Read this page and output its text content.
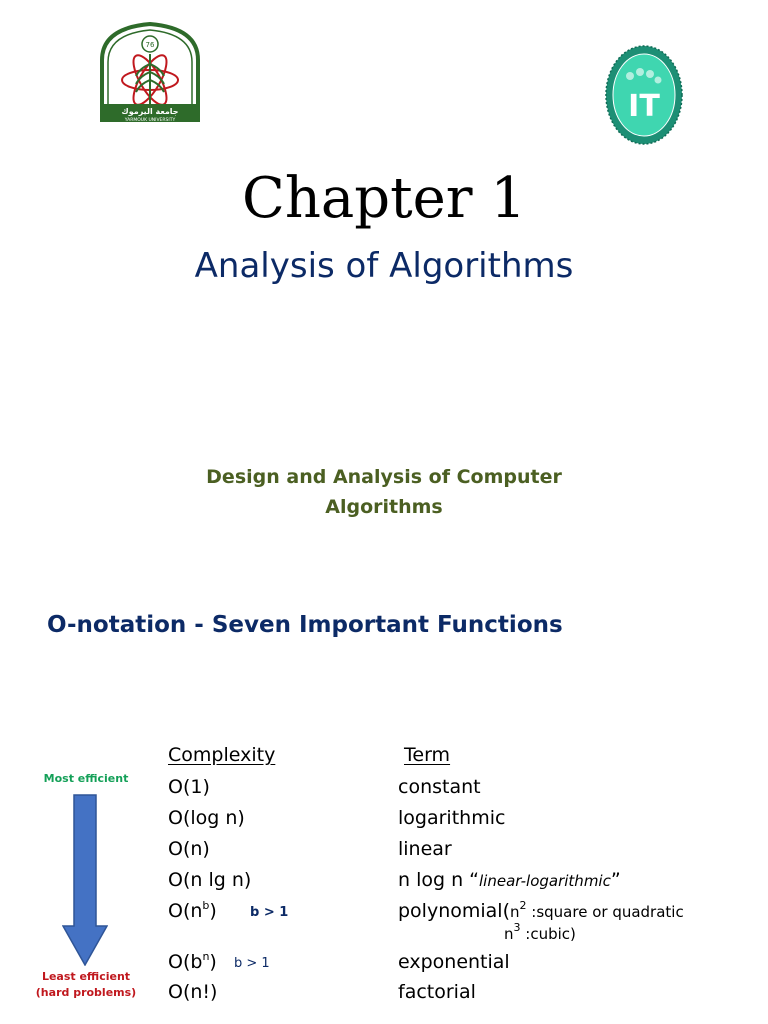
76
جامعة اليرموك
YARMOUK UNIVERSITY	IT
Chapter 1
Analysis of Algorithms
Design and Analysis of Computer
Algorithms
O-notation - Seven Important Functions
Most efficient
Least efficient
(hard problems)
Complexity	Term
O(1)	constant
O(log n)	logarithmic
O(n)	linear
O(n lg n)	n log n “linear-logarithmic”
$O(n^b)$	b > 1	$polynomial(n^2$ :square or quadratic
$n^3$ :cubic)
$O(b^n) b > 1$	exponential
O(n!)	factorial
